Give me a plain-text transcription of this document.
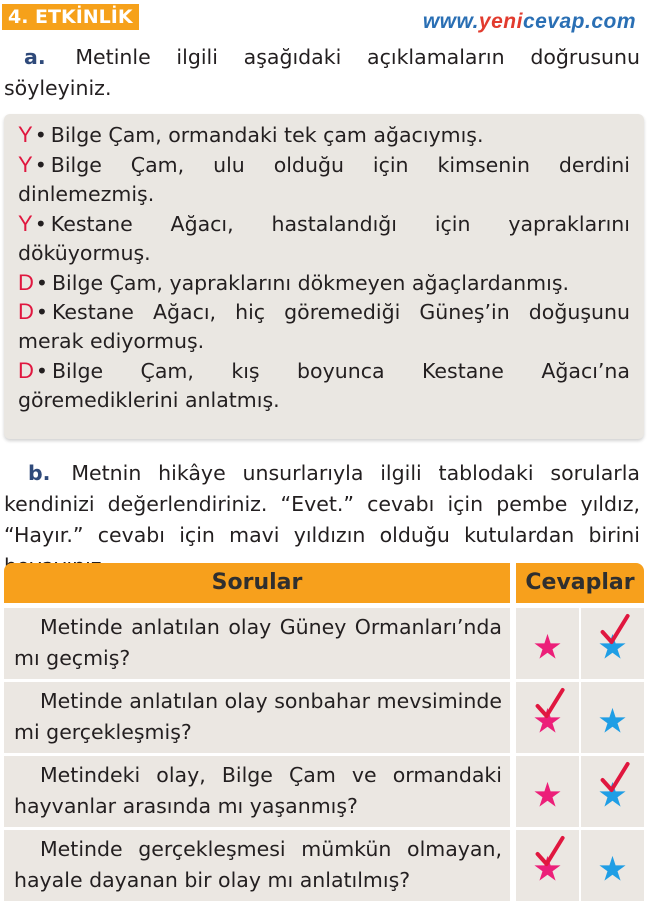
4. ETKİNLİK	www.yenicevap.com
a. Metinle ilgili aşağıdaki açıklamaların doğrusunu söyleyiniz.
Y• Bilge Çam, ormandaki tek çam ağacıymış.
Y• Bilge Çam, ulu olduğu için kimsenin derdini dinlemezmiş.
Y• Kestane Ağacı, hastalandığı için yapraklarını döküyormuş.
D• Bilge Çam, yapraklarını dökmeyen ağaçlardanmış.
D• Kestane Ağacı, hiç göremediği Güneş’in doğuşunu merak ediyormuş.
D• Bilge Çam, kış boyunca Kestane Ağacı’na göremediklerini anlatmış.
b. Metnin hikâye unsurlarıyla ilgili tablodaki sorularla kendinizi değerlendiriniz. “Evet.” cevabı için pembe yıldız, “Hayır.” cevabı için mavi yıldızın olduğu kutulardan birini
Sorular	Cevaplar
Metinde anlatılan olay Güney Ormanları’nda mı geçmiş?	★ ★
Metinde anlatılan olay sonbahar mevsiminde mi gerçekleşmiş?	★ ★
Metindeki olay, Bilge Çam ve ormandaki hayvanlar arasında mı yaşanmış?	★ ★
Metinde gerçekleşmesi mümkün olmayan, hayale dayanan bir olay mı anlatılmış?	★ ★
